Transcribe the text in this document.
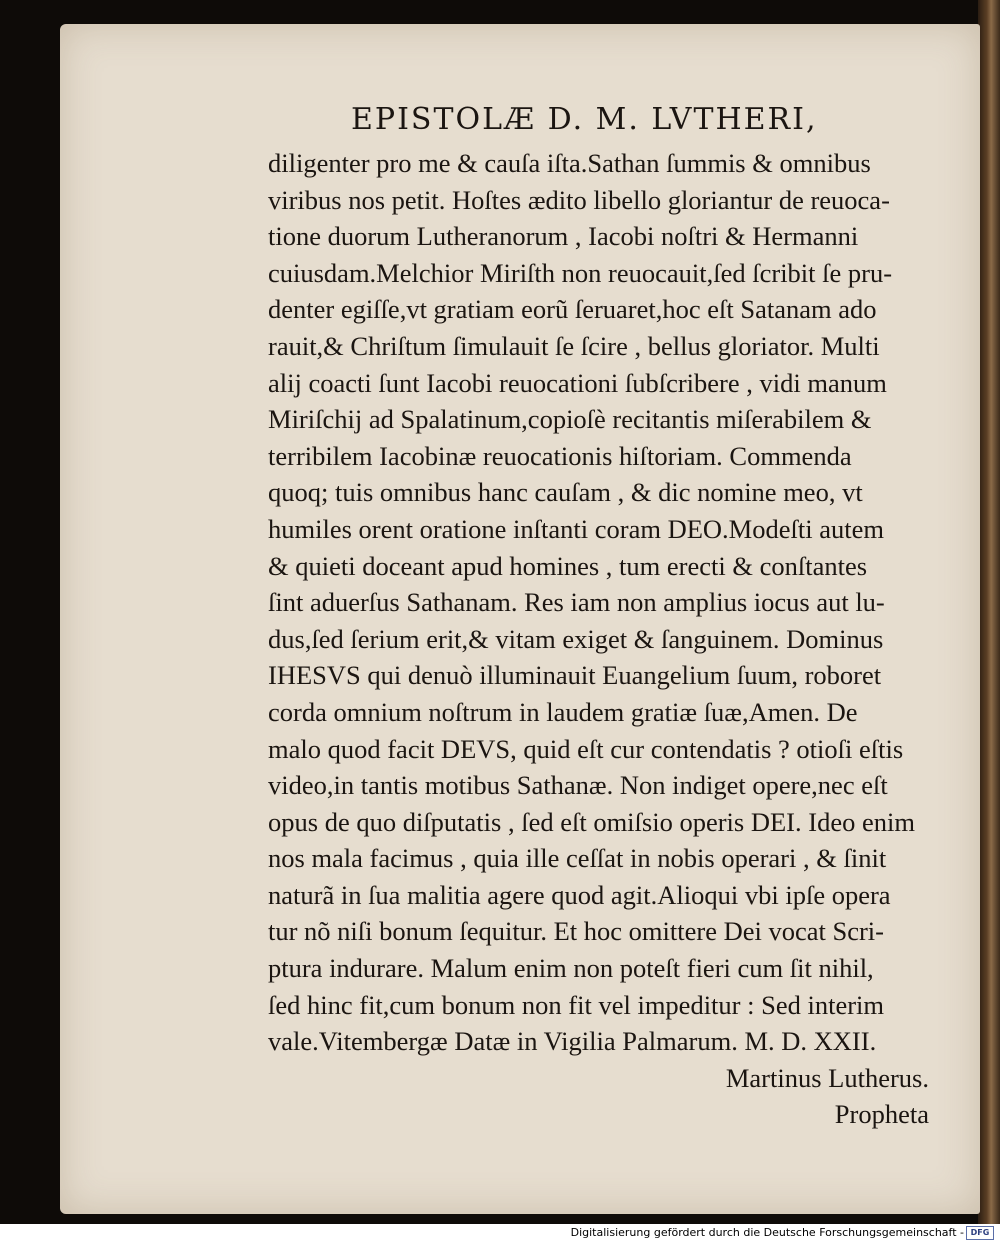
EPISTOLÆ D. M. LVTHERI,
diligenter pro me & cauſa iſta.Sathan ſummis & omnibus
viribus nos petit. Hoſtes ædito libello gloriantur de reuoca-
tione duorum Lutheranorum , Iacobi noſtri & Hermanni
cuiusdam.Melchior Miriſth non reuocauit,ſed ſcribit ſe pru-
denter egiſſe,vt gratiam eorũ ſeruaret,hoc eſt Satanam ado
rauit,& Chriſtum ſimulauit ſe ſcire , bellus gloriator. Multi
alij coacti ſunt Iacobi reuocationi ſubſcribere , vidi manum
Miriſchij ad Spalatinum,copioſè recitantis miſerabilem &
terribilem Iacobinæ reuocationis hiſtoriam. Commenda
quoq; tuis omnibus hanc cauſam , & dic nomine meo, vt
humiles orent oratione inſtanti coram DEO.Modeſti autem
& quieti doceant apud homines , tum erecti & conſtantes
ſint aduerſus Sathanam. Res iam non amplius iocus aut lu-
dus,ſed ſerium erit,& vitam exiget & ſanguinem. Dominus
IHESVS qui denuò illuminauit Euangelium ſuum, roboret
corda omnium noſtrum in laudem gratiæ ſuæ,Amen. De
malo quod facit DEVS, quid eſt cur contendatis ? otioſi eſtis
video,in tantis motibus Sathanæ. Non indiget opere,nec eſt
opus de quo diſputatis , ſed eſt omiſsio operis DEI. Ideo enim
nos mala facimus , quia ille ceſſat in nobis operari , & ſinit
naturã in ſua malitia agere quod agit.Alioqui vbi ipſe opera
tur nõ niſi bonum ſequitur. Et hoc omittere Dei vocat Scri-
ptura indurare. Malum enim non poteſt fieri cum ſit nihil,
ſed hinc fit,cum bonum non fit vel impeditur : Sed interim
vale.Vitembergæ Datæ in Vigilia Palmarum. M. D. XXII.
Martinus Lutherus.
Propheta
Digitalisierung gefördert durch die Deutsche Forschungsgemeinschaft - DFG
